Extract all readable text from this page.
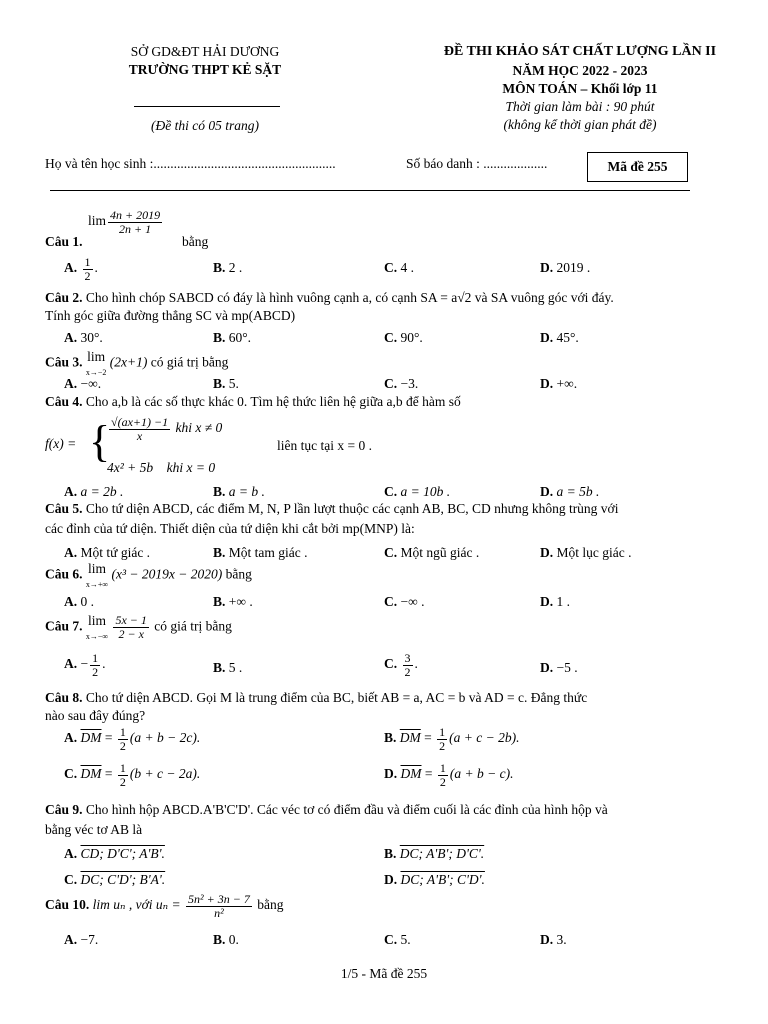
SỞ GD&ĐT HẢI DƯƠNG
TRƯỜNG THPT KẺ SẶT
(Đề thi có 05 trang)
ĐỀ THI KHẢO SÁT CHẤT LƯỢNG LẦN II
NĂM HỌC 2022 - 2023
MÔN TOÁN – Khối lớp 11
Thời gian làm bài : 90 phút
(không kể thời gian phát đề)
Họ và tên học sinh :......................................................	Số báo danh : ...................	Mã đề 255
$\lim \frac{4n + 2019}{2n + 1}$
Câu 1.	bằng
A. $\frac{1}{2}$ .	B. 2 .	C. 4 .	D. 2019 .
Câu 2. Cho hình chóp SABCD có đáy là hình vuông cạnh a, có cạnh SA = a√2 và SA vuông góc với đáy.
Tính góc giữa đường thẳng SC và mp(ABCD)
A. 30°.	B. 60°.	C. 90°.	D. 45°.
Câu 3. lim
x→−2 (2x+1) có giá trị bằng
A. −∞.	B. 5.	C. −3.	D. +∞.
Câu 4. Cho a,b là các số thực khác 0. Tìm hệ thức liên hệ giữa a,b để hàm số
f(x) = {
$\frac{√(ax+1) -1}{x}$ khi x ≠ 0
4x² + 5b khi x = 0
liên tục tại x = 0 .
A. a = 2b .	B. a = b .	C. a = 10b .	D. a = 5b .
Câu 5. Cho tứ diện ABCD, các điểm M, N, P lần lượt thuộc các cạnh AB, BC, CD nhưng không trùng với
các đỉnh của tứ diện. Thiết diện của tứ diện khi cắt bởi mp(MNP) là:
A. Một tứ giác .	B. Một tam giác .	C. Một ngũ giác .	D. Một lục giác .
Câu 6. lim
x→+∞ (x³ − 2019x − 2020) bằng
A. 0 .	B. +∞ .	C. −∞ .	D. 1 .
Câu 7. lim
$x\to-\infty \frac{5x - 1}{2 - x}$ có giá trị bằng
A. − $\frac{1}{2}$ .	B. 5 .	C. $\frac{3}{2}$ .	D. −5 .
Câu 8. Cho tứ diện ABCD. Gọi M là trung điểm của BC, biết AB = a, AC = b và AD = c. Đẳng thức
nào sau đây đúng?
A. $\overline{DM} = \frac{1}{2} (a + b - 2c)$.	B. $\overline{DM} = \frac{1}{2} (a + c - 2b)$.
C. $\overline{DM} = \frac{1}{2} (b + c - 2a)$.	D. $\overline{DM} = \frac{1}{2} (a + b - c)$.
Câu 9. Cho hình hộp ABCD.A'B'C'D'. Các véc tơ có điểm đầu và điểm cuối là các đỉnh của hình hộp và
bằng véc tơ AB là
A. CD; D'C'; A'B'.	B. DC; A'B'; D'C'.
C. DC; C'D'; B'A'.	D. DC; A'B'; C'D'.
Câu 10. lim uₙ , với $u_n = \frac{\text{5n² + 3n − 7}}{\text{n²}}$ bằng
A. −7.	B. 0.	C. 5.	D. 3.
1/5 - Mã đề 255
